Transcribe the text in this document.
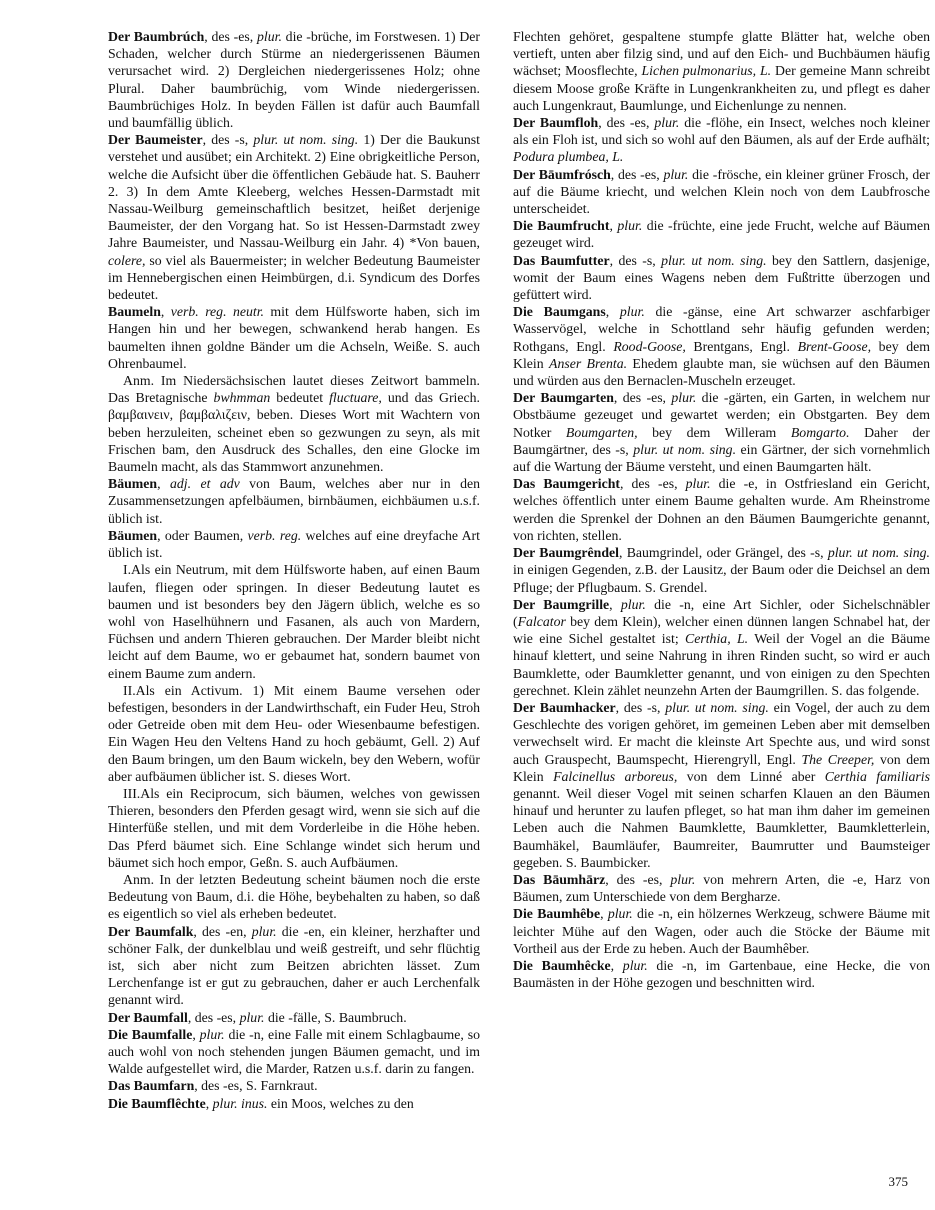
Der Baumbrúch, des -es, plur. die -brüche, im Forstwesen. 1) Der Schaden, welcher durch Stürme an niedergerissenen Bäumen verursachet wird. 2) Dergleichen niedergerissenes Holz; ohne Plural. Daher baumbrüchig, vom Winde niedergerissen. Baumbrüchiges Holz. In beyden Fällen ist dafür auch Baumfall und baumfällig üblich.

Der Baumeister, des -s, plur. ut nom. sing. 1) Der die Baukunst verstehet und ausübet; ein Architekt. 2) Eine obrigkeitliche Person, welche die Aufsicht über die öffentlichen Gebäude hat. S. Bauherr 2. 3) In dem Amte Kleeberg, welches Hessen-Darmstadt mit Nassau-Weilburg gemeinschaftlich besitzet, heißet derjenige Baumeister, der den Vorgang hat. So ist Hessen-Darmstadt zwey Jahre Baumeister, und Nassau-Weilburg ein Jahr. 4) *Von bauen, colere, so viel als Bauermeister; in welcher Bedeutung Baumeister im Hennebergischen einen Heimbürgen, d.i. Syndicum des Dorfes bedeutet.

Baumeln, verb. reg. neutr. mit dem Hülfsworte haben, sich im Hangen hin und her bewegen, schwankend herab hangen. Es baumelten ihnen goldne Bänder um die Achseln, Weiße. S. auch Ohrenbaumel.

Anm. Im Niedersächsischen lautet dieses Zeitwort bammeln. Das Bretagnische bwhmman bedeutet fluctuare, und das Griech. βαμβαινειν, βαμβαλιζειν, beben. Dieses Wort mit Wachtern von beben herzuleiten, scheinet eben so gezwungen zu seyn, als mit Frischen bam, den Ausdruck des Schalles, den eine Glocke im Baumeln macht, als das Stammwort anzunehmen.

Bäumen, adj. et adv von Baum, welches aber nur in den Zusammensetzungen apfelbäumen, birnbäumen, eichbäumen u.s.f. üblich ist.

Bäumen, oder Baumen, verb. reg. welches auf eine dreyfache Art üblich ist.

I.Als ein Neutrum, mit dem Hülfsworte haben, auf einen Baum laufen, fliegen oder springen. In dieser Bedeutung lautet es baumen und ist besonders bey den Jägern üblich, welche es so wohl von Haselhühnern und Fasanen, als auch von Mardern, Füchsen und andern Thieren gebrauchen. Der Marder bleibt nicht leicht auf dem Baume, wo er gebaumet hat, sondern baumet von einem Baume zum andern.

II.Als ein Activum. 1) Mit einem Baume versehen oder befestigen, besonders in der Landwirthschaft, ein Fuder Heu, Stroh oder Getreide oben mit dem Heu- oder Wiesenbaume befestigen. Ein Wagen Heu den Veltens Hand zu hoch gebäumt, Gell. 2) Auf den Baum bringen, um den Baum wickeln, bey den Webern, wofür aber aufbäumen üblicher ist. S. dieses Wort.

III.Als ein Reciprocum, sich bäumen, welches von gewissen Thieren, besonders den Pferden gesagt wird, wenn sie sich auf die Hinterfüße stellen, und mit dem Vorderleibe in die Höhe heben. Das Pferd bäumet sich. Eine Schlange windet sich herum und bäumet sich hoch empor, Geßn. S. auch Aufbäumen.

Anm. In der letzten Bedeutung scheint bäumen noch die erste Bedeutung von Baum, d.i. die Höhe, beybehalten zu haben, so daß es eigentlich so viel als erheben bedeutet.

Der Baumfalk, des -en, plur. die -en, ein kleiner, herzhafter und schöner Falk, der dunkelblau und weiß gestreift, und sehr flüchtig ist, sich aber nicht zum Beitzen abrichten lässet. Zum Lerchenfange ist er gut zu gebrauchen, daher er auch Lerchenfalk genannt wird.

Der Baumfall, des -es, plur. die -fälle, S. Baumbruch.

Die Baumfalle, plur. die -n, eine Falle mit einem Schlagbaume, so auch wohl von noch stehenden jungen Bäumen gemacht, und im Walde aufgestellet wird, die Marder, Ratzen u.s.f. darin zu fangen.

Das Baumfarn, des -es, S. Farnkraut.

Die Baumflêchte, plur. inus. ein Moos, welches zu den

Flechten gehöret, gespaltene stumpfe glatte Blätter hat, welche oben vertieft, unten aber filzig sind, und auf den Eich- und Buchbäumen häufig wächset; Moosflechte, Lichen pulmonarius, L. Der gemeine Mann schreibt diesem Moose große Kräfte in Lungenkrankheiten zu, und pflegt es daher auch Lungenkraut, Baumlunge, und Eichenlunge zu nennen.

Der Baumfloh, des -es, plur. die -flöhe, ein Insect, welches noch kleiner als ein Floh ist, und sich so wohl auf den Bäumen, als auf der Erde aufhält; Podura plumbea, L.

Der Bāumfrósch, des -es, plur. die -frösche, ein kleiner grüner Frosch, der auf die Bäume kriecht, und welchen Klein noch von dem Laubfrosche unterscheidet.

Die Baumfrucht, plur. die -früchte, eine jede Frucht, welche auf Bäumen gezeuget wird.

Das Baumfutter, des -s, plur. ut nom. sing. bey den Sattlern, dasjenige, womit der Baum eines Wagens neben dem Fußtritte überzogen und gefüttert wird.

Die Baumgans, plur. die -gänse, eine Art schwarzer aschfarbiger Wasservögel, welche in Schottland sehr häufig gefunden werden; Rothgans, Engl. Rood-Goose, Brentgans, Engl. Brent-Goose, bey dem Klein Anser Brenta. Ehedem glaubte man, sie wüchsen auf den Bäumen und würden aus den Bernaclen-Muscheln erzeuget.

Der Baumgarten, des -es, plur. die -gärten, ein Garten, in welchem nur Obstbäume gezeuget und gewartet werden; ein Obstgarten. Bey dem Notker Boumgarten, bey dem Willeram Bomgarto. Daher der Baumgärtner, des -s, plur. ut nom. sing. ein Gärtner, der sich vornehmlich auf die Wartung der Bäume versteht, und einen Baumgarten hält.

Das Baumgericht, des -es, plur. die -e, in Ostfriesland ein Gericht, welches öffentlich unter einem Baume gehalten wurde. Am Rheinstrome werden die Sprenkel der Dohnen an den Bäumen Baumgerichte genannt, von richten, stellen.

Der Baumgrêndel, Baumgrindel, oder Grängel, des -s, plur. ut nom. sing. in einigen Gegenden, z.B. der Lausitz, der Baum oder die Deichsel an dem Pfluge; der Pflugbaum. S. Grendel.

Der Baumgrille, plur. die -n, eine Art Sichler, oder Sichelschnäbler (Falcator bey dem Klein), welcher einen dünnen langen Schnabel hat, der wie eine Sichel gestaltet ist; Certhia, L. Weil der Vogel an die Bäume hinauf klettert, und seine Nahrung in ihren Rinden sucht, so wird er auch Baumklette, oder Baumkletter genannt, und von einigen zu den Spechten gerechnet. Klein zählet neunzehn Arten der Baumgrillen. S. das folgende.

Der Baumhacker, des -s, plur. ut nom. sing. ein Vogel, der auch zu dem Geschlechte des vorigen gehöret, im gemeinen Leben aber mit demselben verwechselt wird. Er macht die kleinste Art Spechte aus, und wird sonst auch Grauspecht, Baumspecht, Hierengryll, Engl. The Creeper, von dem Klein Falcinellus arboreus, von dem Linné aber Certhia familiaris genannt. Weil dieser Vogel mit seinen scharfen Klauen an den Bäumen hinauf und herunter zu laufen pfleget, so hat man ihm daher im gemeinen Leben auch die Nahmen Baumklette, Baumkletter, Baumkletterlein, Baumhäkel, Baumläufer, Baumreiter, Baumrutter und Baumsteiger gegeben. S. Baumbicker.

Das Bāumhārz, des -es, plur. von mehrern Arten, die -e, Harz von Bäumen, zum Unterschiede von dem Bergharze.

Die Baumhêbe, plur. die -n, ein hölzernes Werkzeug, schwere Bäume mit leichter Mühe auf den Wagen, oder auch die Stöcke der Bäume mit Vortheil aus der Erde zu heben. Auch der Baumhêber.

Die Baumhêcke, plur. die -n, im Gartenbaue, eine Hecke, die von Baumästen in der Höhe gezogen und beschnitten wird.

375
